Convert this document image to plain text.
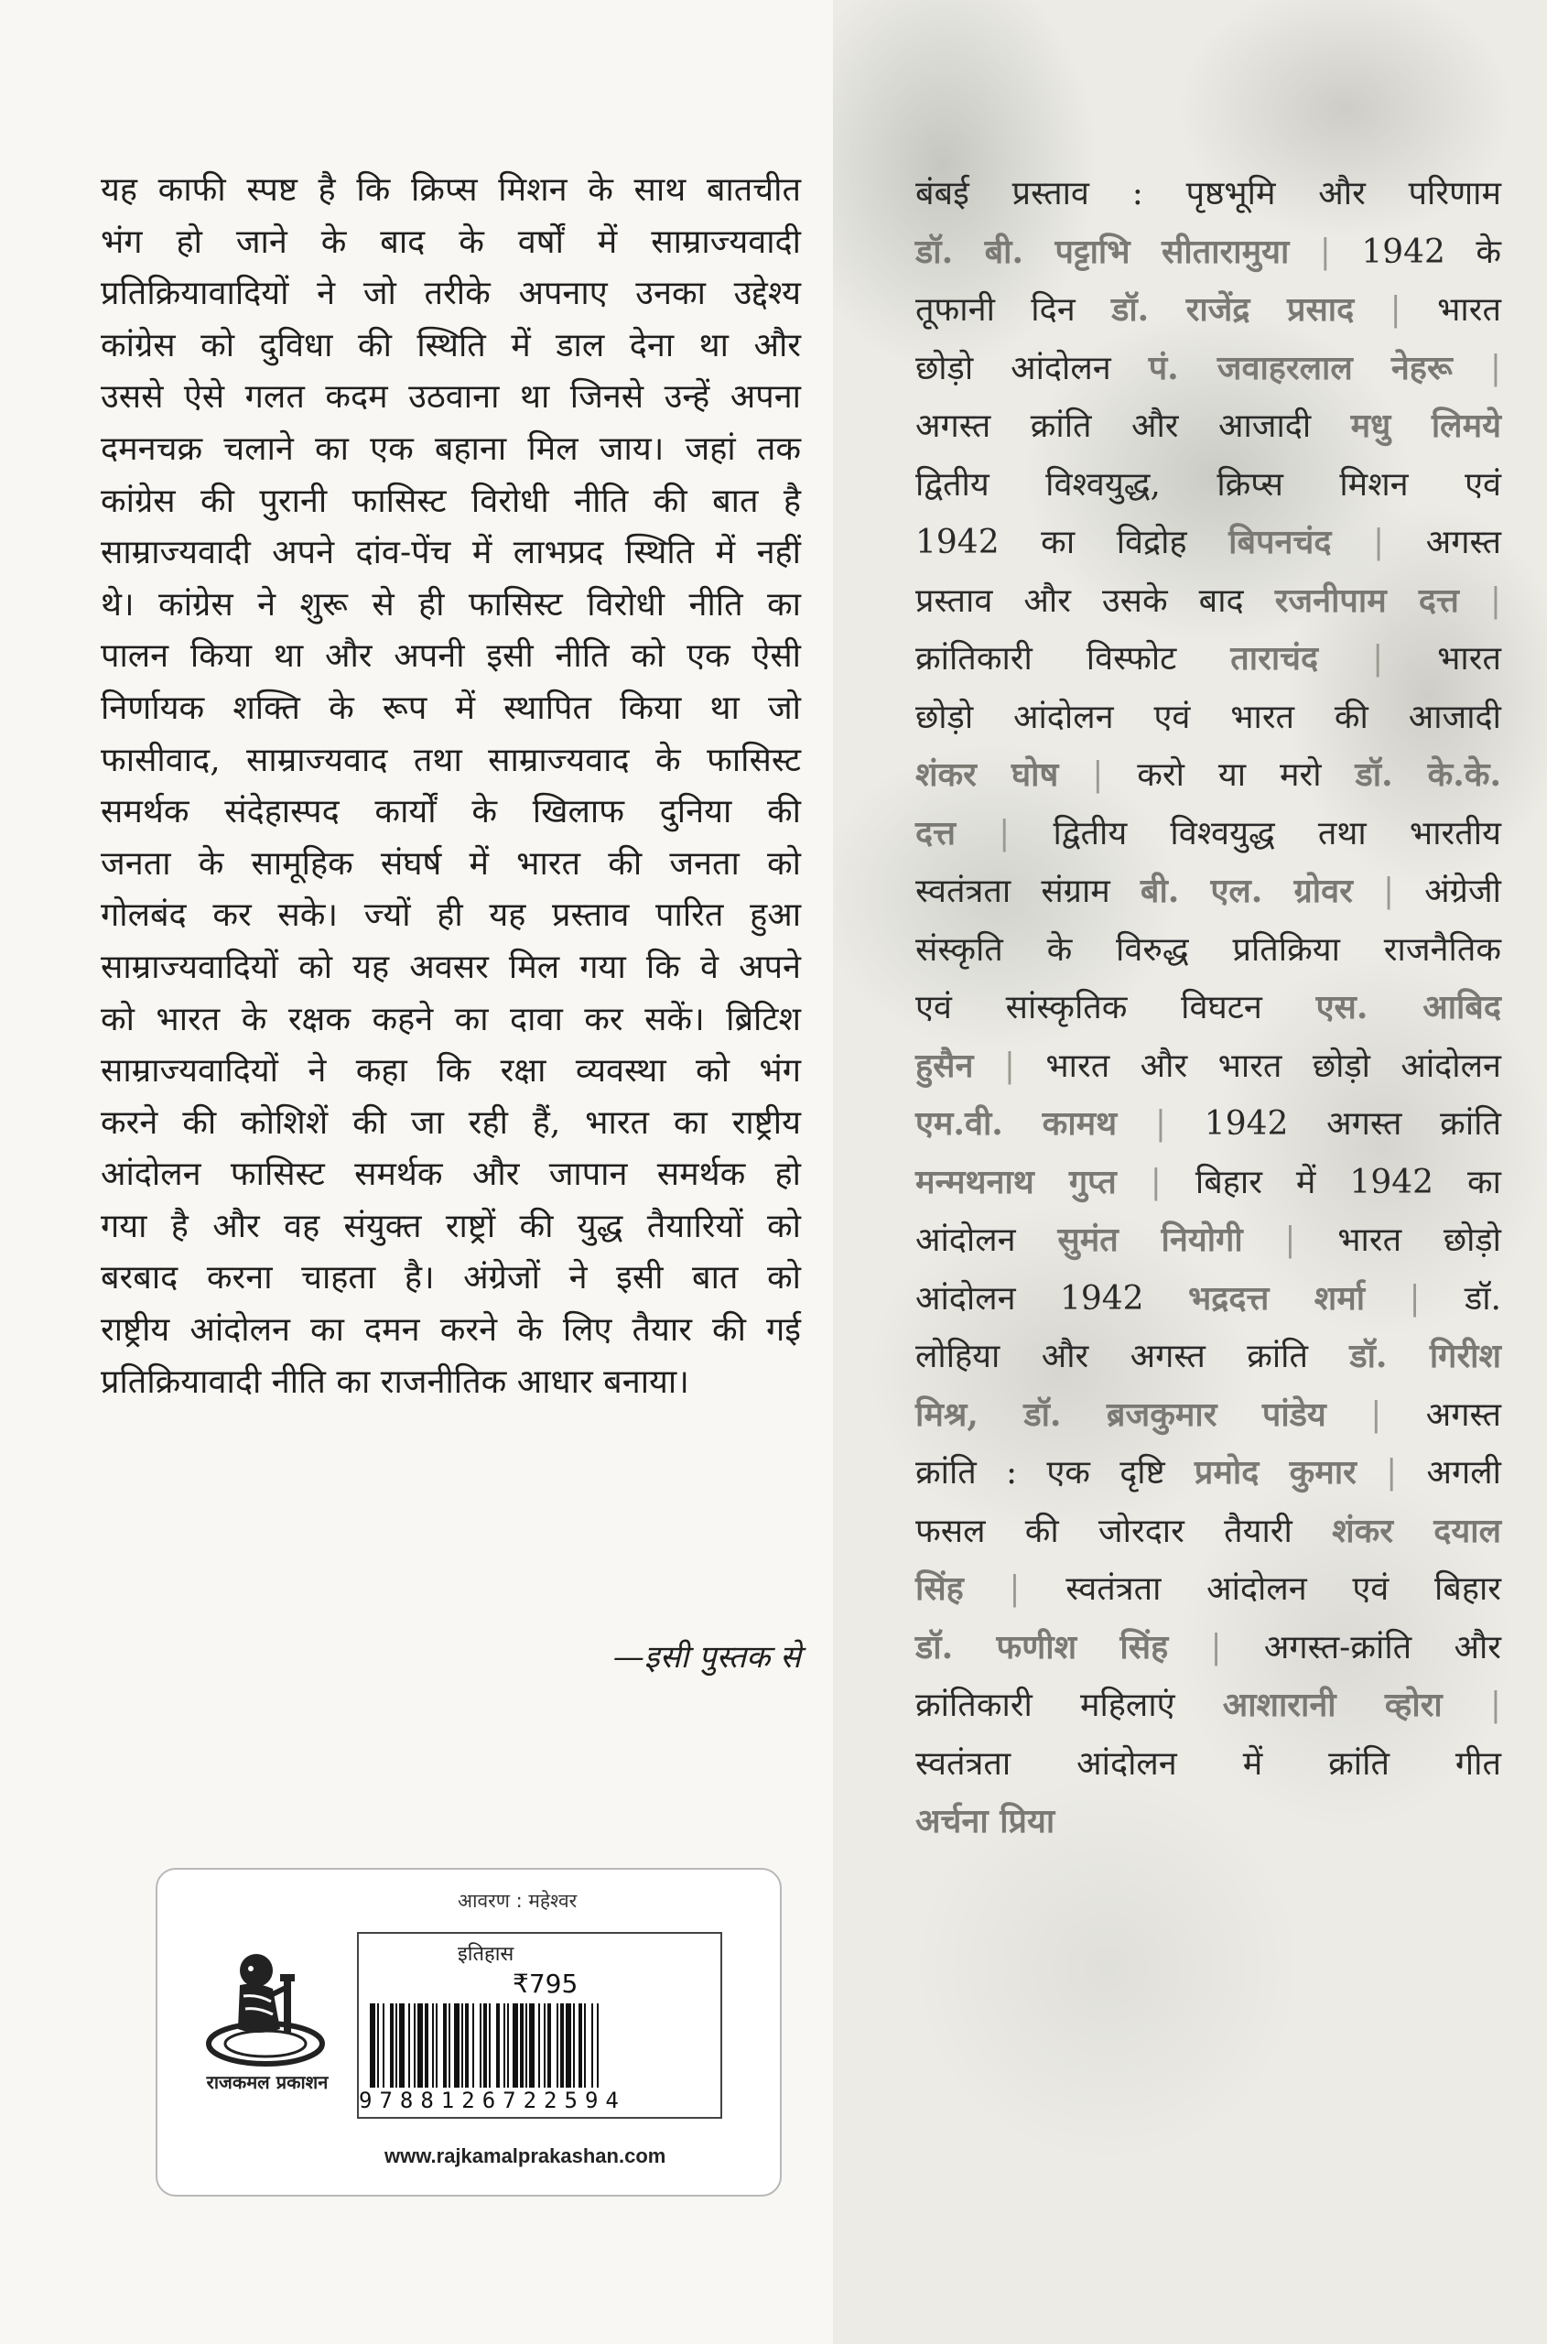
यह काफी स्पष्ट है कि क्रिप्स मिशन के साथ बातचीत

भंग हो जाने के बाद के वर्षों में साम्राज्यवादी

प्रतिक्रियावादियों ने जो तरीके अपनाए उनका उद्देश्य

कांग्रेस को दुविधा की स्थिति में डाल देना था और

उससे ऐसे गलत कदम उठवाना था जिनसे उन्हें अपना

दमनचक्र चलाने का एक बहाना मिल जाय। जहां तक

कांग्रेस की पुरानी फासिस्ट विरोधी नीति की बात है

साम्राज्यवादी अपने दांव-पेंच में लाभप्रद स्थिति में नहीं

थे। कांग्रेस ने शुरू से ही फासिस्ट विरोधी नीति का

पालन किया था और अपनी इसी नीति को एक ऐसी

निर्णायक शक्ति के रूप में स्थापित किया था जो

फासीवाद, साम्राज्यवाद तथा साम्राज्यवाद के फासिस्ट

समर्थक संदेहास्पद कार्यों के खिलाफ दुनिया की

जनता के सामूहिक संघर्ष में भारत की जनता को

गोलबंद कर सके। ज्यों ही यह प्रस्ताव पारित हुआ

साम्राज्यवादियों को यह अवसर मिल गया कि वे अपने

को भारत के रक्षक कहने का दावा कर सकें। ब्रिटिश

साम्राज्यवादियों ने कहा कि रक्षा व्यवस्था को भंग

करने की कोशिशें की जा रही हैं, भारत का राष्ट्रीय

आंदोलन फासिस्ट समर्थक और जापान समर्थक हो

गया है और वह संयुक्त राष्ट्रों की युद्ध तैयारियों को

बरबाद करना चाहता है। अंग्रेजों ने इसी बात को

राष्ट्रीय आंदोलन का दमन करने के लिए तैयार की गई

प्रतिक्रियावादी नीति का राजनीतिक आधार बनाया।

—इसी पुस्तक से

बंबई प्रस्ताव : पृष्ठभूमि और परिणाम

डॉ. बी. पट्टाभि सीतारामुया | 1942 के

तूफानी दिन डॉ. राजेंद्र प्रसाद | भारत

छोड़ो आंदोलन पं. जवाहरलाल नेहरू |

अगस्त क्रांति और आजादी मधु लिमये

द्वितीय विश्वयुद्ध, क्रिप्स मिशन एवं

1942 का विद्रोह बिपनचंद | अगस्त

प्रस्ताव और उसके बाद रजनीपाम दत्त |

क्रांतिकारी विस्फोट ताराचंद | भारत

छोड़ो आंदोलन एवं भारत की आजादी

शंकर घोष | करो या मरो डॉ. के.के.

दत्त | द्वितीय विश्वयुद्ध तथा भारतीय

स्वतंत्रता संग्राम बी. एल. ग्रोवर | अंग्रेजी

संस्कृति के विरुद्ध प्रतिक्रिया राजनैतिक

एवं सांस्कृतिक विघटन एस. आबिद

हुसैन | भारत और भारत छोड़ो आंदोलन

एम.वी. कामथ | 1942 अगस्त क्रांति

मन्मथनाथ गुप्त | बिहार में 1942 का

आंदोलन सुमंत नियोगी | भारत छोड़ो

आंदोलन 1942 भद्रदत्त शर्मा | डॉ.

लोहिया और अगस्त क्रांति डॉ. गिरीश

मिश्र, डॉ. ब्रजकुमार पांडेय | अगस्त

क्रांति : एक दृष्टि प्रमोद कुमार | अगली

फसल की जोरदार तैयारी शंकर दयाल

सिंह | स्वतंत्रता आंदोलन एवं बिहार

डॉ. फणीश सिंह | अगस्त-क्रांति और

क्रांतिकारी महिलाएं आशारानी व्होरा |

स्वतंत्रता आंदोलन में क्रांति गीत

अर्चना प्रिया

आवरण : महेश्वर
राजकमल प्रकाशन
इतिहास
₹795
9788126722594
www.rajkamalprakashan.com
